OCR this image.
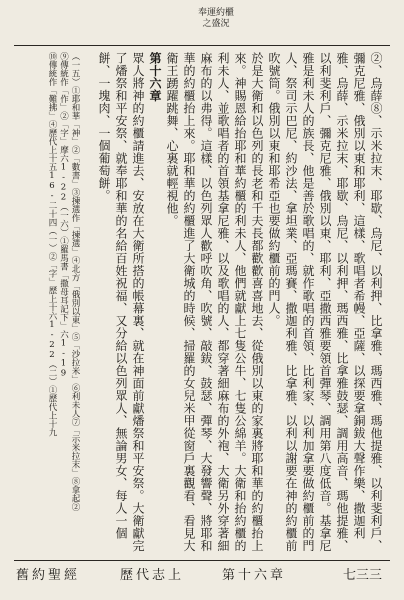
奉運約櫃
之盛況

②、烏薛⑧、示米拉末、耶歇、烏尼、以利押、比拿雅、瑪西雅、瑪他提雅、以利斐利戶、彌克尼雅、俄別以東和耶利、這樣、歌唱者希幔、亞薩、以探要拿銅鈸大聲作樂、撒迦利雅、烏薛、示米拉末、耶歇、烏尼、以利押、瑪西雅、比拿雅鼓瑟、調用高音、瑪他提雅、以利斐利戶、彌克尼雅、俄別以東、耶利、亞撒西雅要領首彈琴、調用第八度低音。基拿尼雅是利未人的族長、他是善於歌唱的、就作歌唱的首領、比利家、以利加拿要做約櫃前的門人、祭司示巴尼、約沙法、拿坦業、亞瑪賽、撒迦利雅、比拿雅、以利以謝要在神的約櫃前吹號筒。俄別以東和耶希亞也要做約櫃前的門人。

於是大衛和以色列的長老和千夫長都歡歡喜喜地去、從俄別以東的家裏將耶和華的約櫃抬上來。神賜恩給抬耶和華約櫃的利未人、他們就獻上七隻公牛、七隻公綿羊。大衛和抬約櫃的利未人、並歌唱者的首領基拿尼雅、以及歌唱的人、都穿著細麻布的外袍、大衛另外穿著細麻布的以弗得。這樣、以色列眾人歡呼吹角、吹號、敲鈸、鼓瑟、彈琴、大發響聲、將耶和華的約櫃抬上來。耶和華的約櫃進了大衛城的時候、掃羅的女兒米甲從窗戶裏觀看、看見大衛王踴躍跳舞、心裏就輕視他。

第十六章

眾人將神的約櫃請進去、安放在大衛所搭的帳幕裏、就在神面前獻燔祭和平安祭。大衛獻完了燔祭和平安祭、就奉耶和華的名給百姓祝福、又分給以色列眾人、無論男女、每人一個餅、一塊肉、一個葡萄餅。

（一五）①耶和華「神」②「數書」③揀選作「揀選」④北方「俄別以東」⑤「沙拉米」⑥利未人⑦「示米拉末」⑧拿起②

⑨傳統作「作」②「字」摩六1-22（一六）①羅馬書「撒母耳記下」六1-19

⑩傳統作「難拂」④歷代上十五16-二十四（一）②「字」歷上十六1-22（二）①歷代上十九

舊約聖經	歷代志上	第十六章	七三三
